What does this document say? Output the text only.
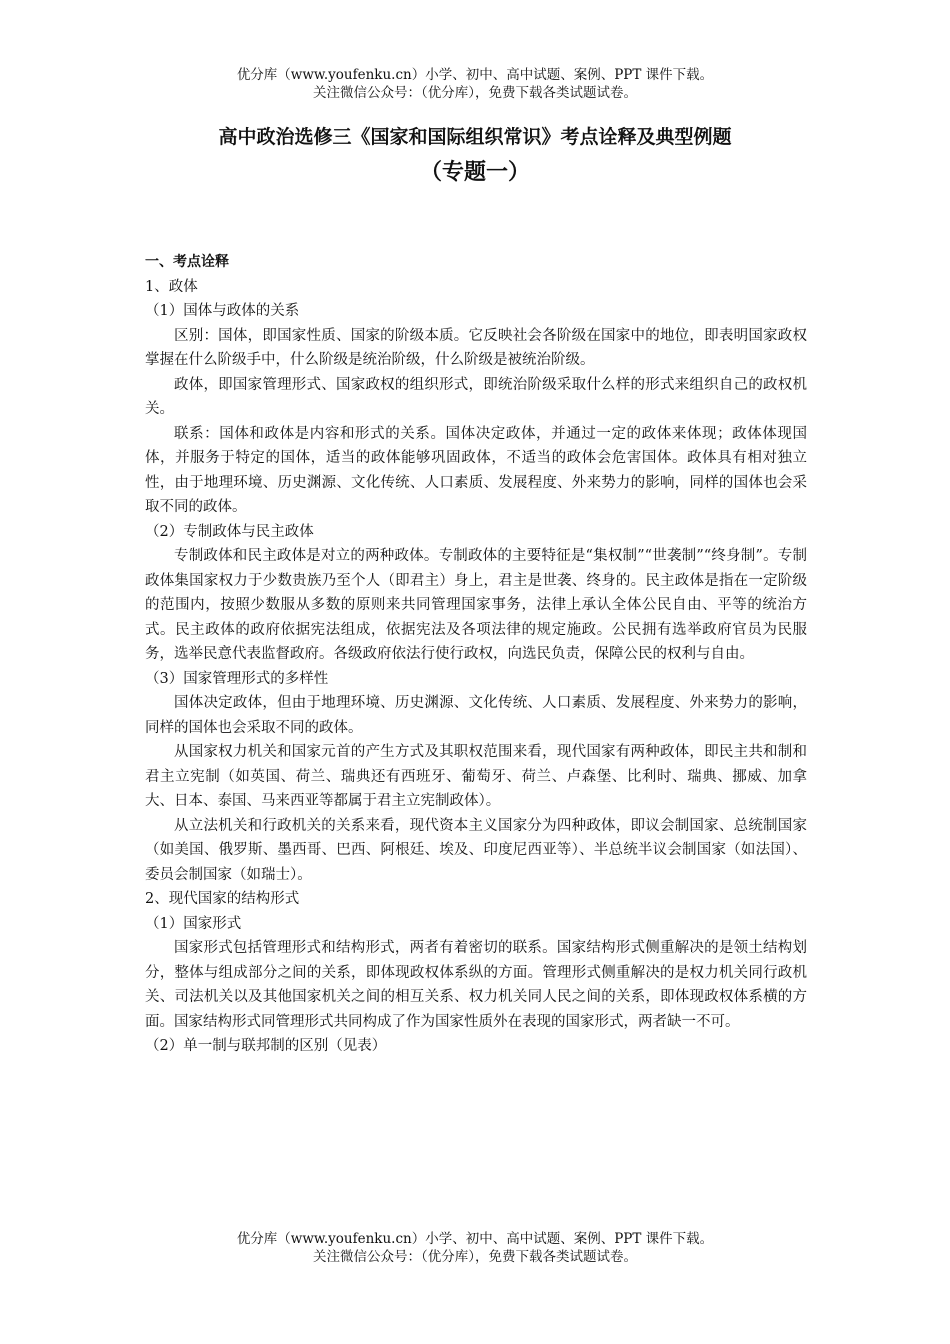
优分库（www.youfenku.cn）小学、初中、高中试题、案例、PPT 课件下载。
关注微信公众号：（优分库），免费下载各类试题试卷。
高中政治选修三《国家和国际组织常识》考点诠释及典型例题
（专题一）

一、考点诠释

1、政体

（1）国体与政体的关系

区别：国体，即国家性质、国家的阶级本质。它反映社会各阶级在国家中的地位，即表明国家政权掌握在什么阶级手中，什么阶级是统治阶级，什么阶级是被统治阶级。

政体，即国家管理形式、国家政权的组织形式，即统治阶级采取什么样的形式来组织自己的政权机关。

联系：国体和政体是内容和形式的关系。国体决定政体，并通过一定的政体来体现；政体体现国体，并服务于特定的国体，适当的政体能够巩固政体，不适当的政体会危害国体。政体具有相对独立性，由于地理环境、历史渊源、文化传统、人口素质、发展程度、外来势力的影响，同样的国体也会采取不同的政体。

（2）专制政体与民主政体

专制政体和民主政体是对立的两种政体。专制政体的主要特征是“集权制”“世袭制”“终身制”。专制政体集国家权力于少数贵族乃至个人（即君主）身上，君主是世袭、终身的。民主政体是指在一定阶级的范围内，按照少数服从多数的原则来共同管理国家事务，法律上承认全体公民自由、平等的统治方式。民主政体的政府依据宪法组成，依据宪法及各项法律的规定施政。公民拥有选举政府官员为民服务，选举民意代表监督政府。各级政府依法行使行政权，向选民负责，保障公民的权利与自由。

（3）国家管理形式的多样性

国体决定政体，但由于地理环境、历史渊源、文化传统、人口素质、发展程度、外来势力的影响，同样的国体也会采取不同的政体。

从国家权力机关和国家元首的产生方式及其职权范围来看，现代国家有两种政体，即民主共和制和君主立宪制（如英国、荷兰、瑞典还有西班牙、葡萄牙、荷兰、卢森堡、比利时、瑞典、挪威、加拿大、日本、泰国、马来西亚等都属于君主立宪制政体）。

从立法机关和行政机关的关系来看，现代资本主义国家分为四种政体，即议会制国家、总统制国家（如美国、俄罗斯、墨西哥、巴西、阿根廷、埃及、印度尼西亚等）、半总统半议会制国家（如法国）、委员会制国家（如瑞士）。

2、现代国家的结构形式

（1）国家形式

国家形式包括管理形式和结构形式，两者有着密切的联系。国家结构形式侧重解决的是领土结构划分，整体与组成部分之间的关系，即体现政权体系纵的方面。管理形式侧重解决的是权力机关同行政机关、司法机关以及其他国家机关之间的相互关系、权力机关同人民之间的关系，即体现政权体系横的方面。国家结构形式同管理形式共同构成了作为国家性质外在表现的国家形式，两者缺一不可。

（2）单一制与联邦制的区别（见表）

优分库（www.youfenku.cn）小学、初中、高中试题、案例、PPT 课件下载。
关注微信公众号：（优分库），免费下载各类试题试卷。
